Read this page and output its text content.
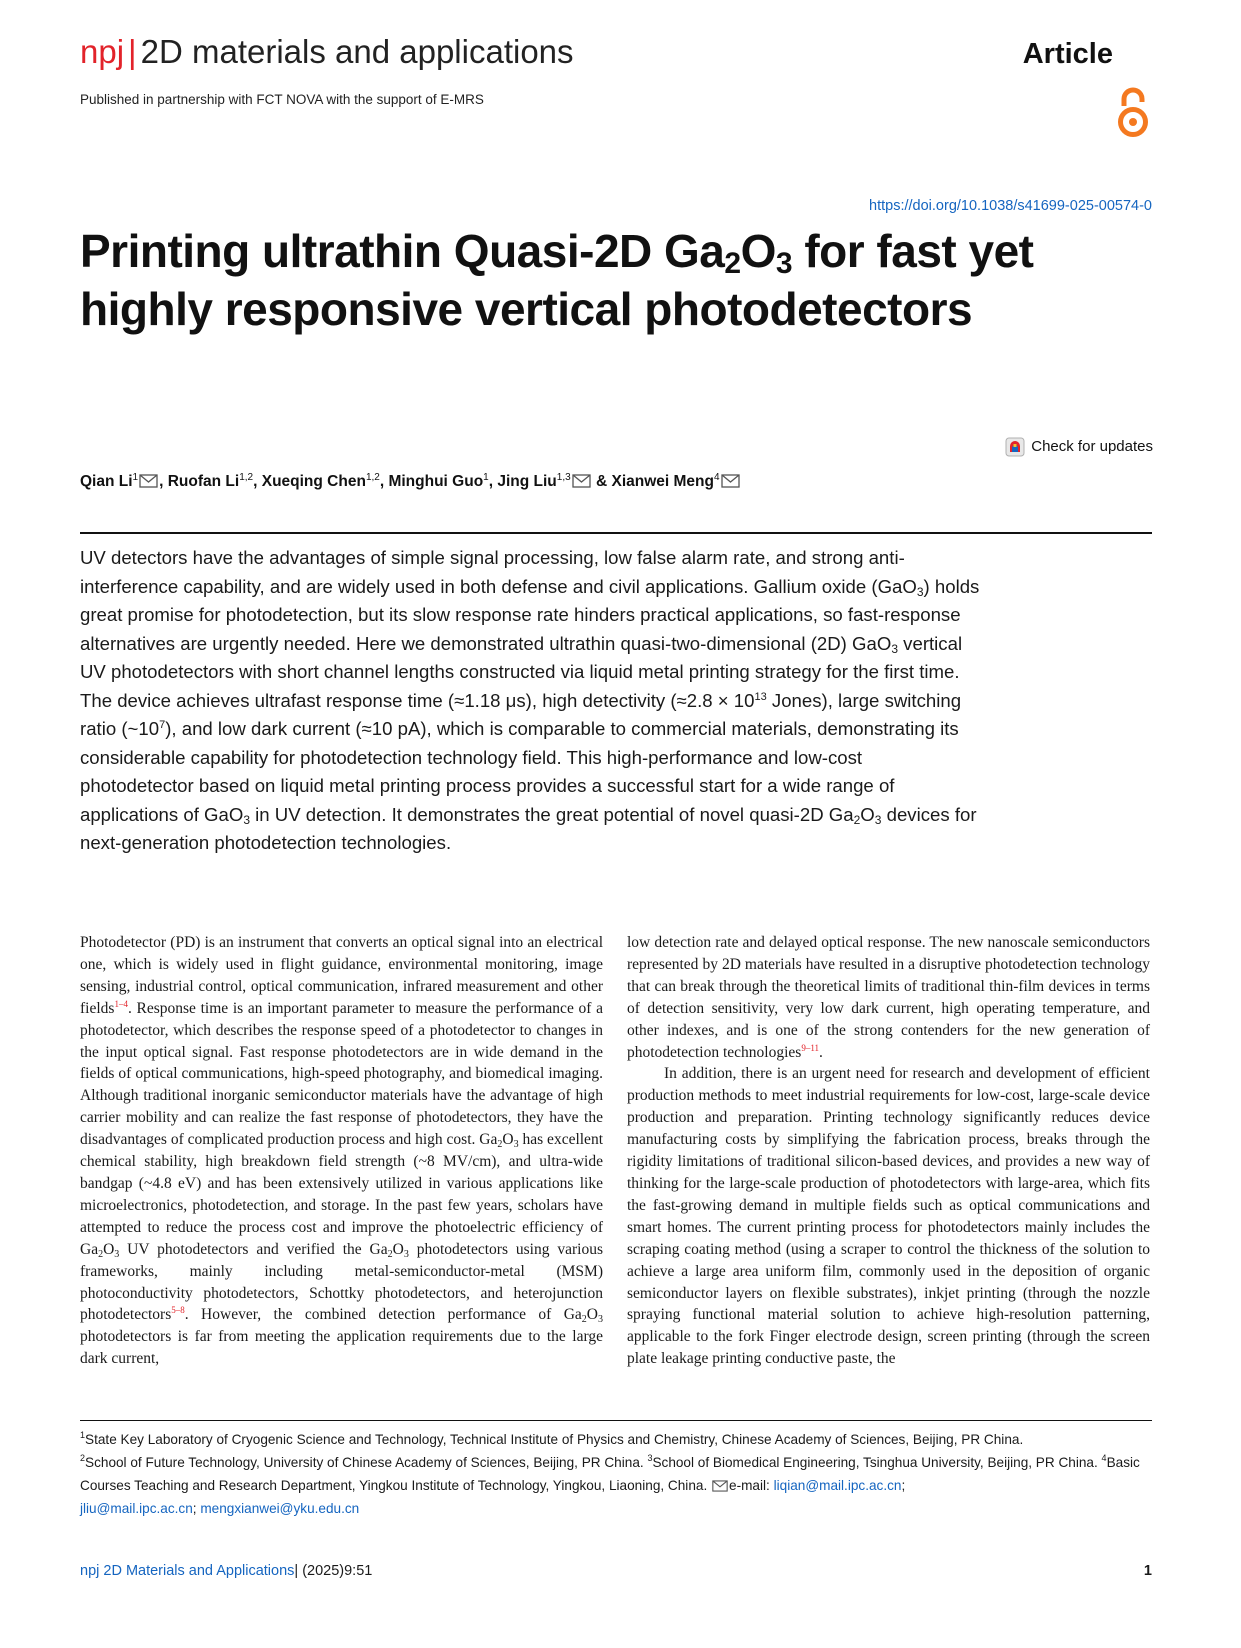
npj | 2D materials and applications	Article
Published in partnership with FCT NOVA with the support of E-MRS
https://doi.org/10.1038/s41699-025-00574-0
Printing ultrathin Quasi-2D $Ga_2O_3$ for fast yet highly responsive vertical photodetectors
Check for updates
Qian Li$^1$ , Ruofan Li$^{1,2}$, Xueqing Chen$^{1,2}$, Minghui Guo$^1$, Jing Liu$^{1,3}$ & Xianwei Meng$^4$
UV detectors have the advantages of simple signal processing, low false alarm rate, and strong anti-interference capability, and are widely used in both defense and civil applications. Gallium oxide (GaO$_3$) holds great promise for photodetection, but its slow response rate hinders practical applications, so fast-response alternatives are urgently needed. Here we demonstrated ultrathin quasi-two-dimensional (2D) GaO$_3$ vertical UV photodetectors with short channel lengths constructed via liquid metal printing strategy for the first time. The device achieves ultrafast response time (≈1.18 μs), high detectivity ($\approx 2.8 \times 10^{13}$ Jones), large switching ratio $(\sim 10^7)$, and low dark current (≈10 pA), which is comparable to commercial materials, demonstrating its considerable capability for photodetection technology field. This high-performance and low-cost photodetector based on liquid metal printing process provides a successful start for a wide range of applications of GaO$_3$ in UV detection. It demonstrates the great potential of novel quasi-2D $Ga_2O_3$ devices for next-generation photodetection technologies.

Photodetector (PD) is an instrument that converts an optical signal into an electrical one, which is widely used in flight guidance, environmental monitoring, image sensing, industrial control, optical communication, infrared measurement and other fields$^{1-4}$. Response time is an important parameter to measure the performance of a photodetector, which describes the response speed of a photodetector to changes in the input optical signal. Fast response photodetectors are in wide demand in the fields of optical communications, high-speed photography, and biomedical imaging. Although traditional inorganic semiconductor materials have the advantage of high carrier mobility and can realize the fast response of photodetectors, they have the disadvantages of complicated production process and high cost. $Ga_2O_3$ has excellent chemical stability, high breakdown field strength (~8 MV/cm), and ultra-wide bandgap (~4.8 eV) and has been extensively utilized in various applications like microelectronics, photodetection, and storage. In the past few years, scholars have attempted to reduce the process cost and improve the photoelectric efficiency of $Ga_2O_3$ UV photodetectors and verified the $Ga_2O_3$ photodetectors using various frameworks, mainly including metal-semiconductor-metal (MSM) photoconductivity photodetectors, Schottky photodetectors, and heterojunction photodetectors$^{5-8}$. However, the combined detection performance of $Ga_2O_3$ photodetectors is far from meeting the application requirements due to the large dark current,

low detection rate and delayed optical response. The new nanoscale semiconductors represented by 2D materials have resulted in a disruptive photodetection technology that can break through the theoretical limits of traditional thin-film devices in terms of detection sensitivity, very low dark current, high operating temperature, and other indexes, and is one of the strong contenders for the new generation of photodetection technologies$^{9-11}$.

In addition, there is an urgent need for research and development of efficient production methods to meet industrial requirements for low-cost, large-scale device production and preparation. Printing technology significantly reduces device manufacturing costs by simplifying the fabrication process, breaks through the rigidity limitations of traditional silicon-based devices, and provides a new way of thinking for the large-scale production of photodetectors with large-area, which fits the fast-growing demand in multiple fields such as optical communications and smart homes. The current printing process for photodetectors mainly includes the scraping coating method (using a scraper to control the thickness of the solution to achieve a large area uniform film, commonly used in the deposition of organic semiconductor layers on flexible substrates), inkjet printing (through the nozzle spraying functional material solution to achieve high-resolution patterning, applicable to the fork Finger electrode design, screen printing (through the screen plate leakage printing conductive paste, the

$^1$State Key Laboratory of Cryogenic Science and Technology, Technical Institute of Physics and Chemistry, Chinese Academy of Sciences, Beijing, PR China.
$^2$School of Future Technology, University of Chinese Academy of Sciences, Beijing, PR China. $^3$School of Biomedical Engineering, Tsinghua University, Beijing, PR China. $^4$Basic Courses Teaching and Research Department, Yingkou Institute of Technology, Yingkou, Liaoning, China. e-mail: liqian@mail.ipc.ac.cn;
jliu@mail.ipc.ac.cn; mengxianwei@yku.edu.cn
npj 2D Materials and Applications| (2025)9:51	1
